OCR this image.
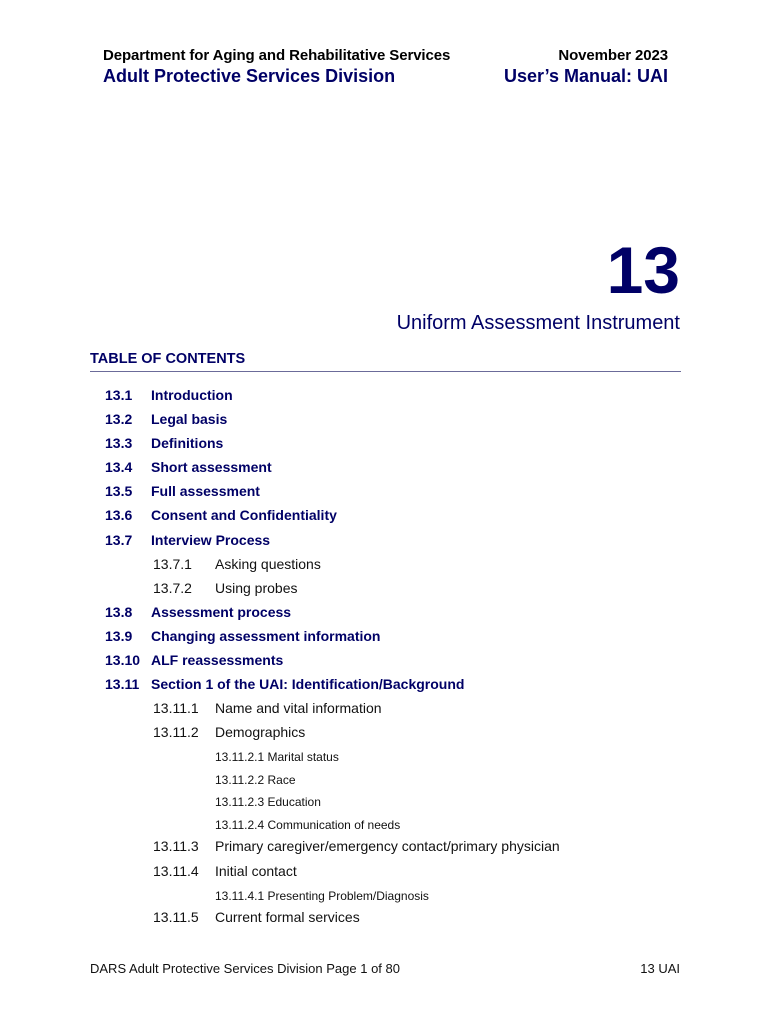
Department for Aging and Rehabilitative Services
Adult Protective Services Division
November 2023
User’s Manual: UAI
13
Uniform Assessment Instrument
TABLE OF CONTENTS
13.1 Introduction
13.2 Legal basis
13.3 Definitions
13.4 Short assessment
13.5 Full assessment
13.6 Consent and Confidentiality
13.7 Interview Process
13.7.1 Asking questions
13.7.2 Using probes
13.8 Assessment process
13.9 Changing assessment information
13.10 ALF reassessments
13.11 Section 1 of the UAI: Identification/Background
13.11.1 Name and vital information
13.11.2 Demographics
13.11.2.1 Marital status
13.11.2.2 Race
13.11.2.3 Education
13.11.2.4 Communication of needs
13.11.3 Primary caregiver/emergency contact/primary physician
13.11.4 Initial contact
13.11.4.1 Presenting Problem/Diagnosis
13.11.5 Current formal services
DARS Adult Protective Services Division Page 1 of 80	13 UAI
